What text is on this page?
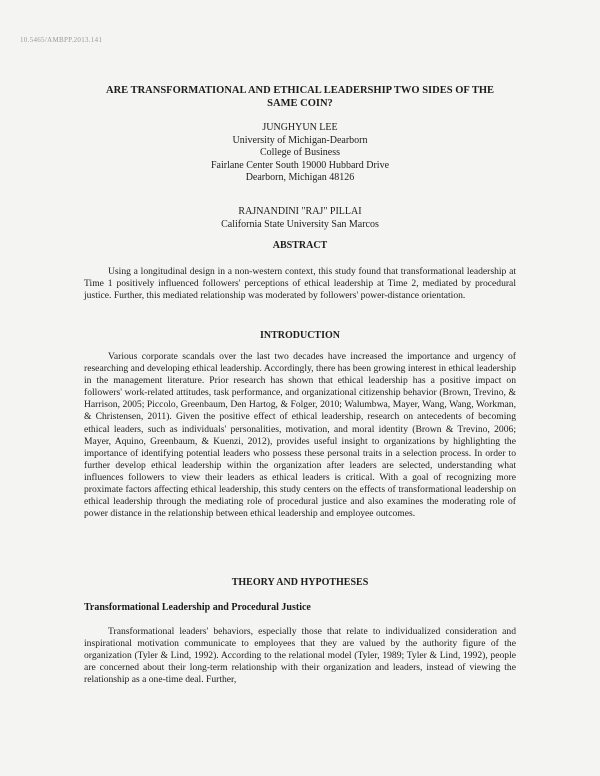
10.5465/AMBPP.2013.141
ARE TRANSFORMATIONAL AND ETHICAL LEADERSHIP TWO SIDES OF THE SAME COIN?
JUNGHYUN LEE
University of Michigan-Dearborn
College of Business
Fairlane Center South 19000 Hubbard Drive
Dearborn, Michigan 48126
RAJNANDINI "RAJ" PILLAI
California State University San Marcos
ABSTRACT

Using a longitudinal design in a non-western context, this study found that transformational leadership at Time 1 positively influenced followers' perceptions of ethical leadership at Time 2, mediated by procedural justice. Further, this mediated relationship was moderated by followers' power-distance orientation.

INTRODUCTION

Various corporate scandals over the last two decades have increased the importance and urgency of researching and developing ethical leadership. Accordingly, there has been growing interest in ethical leadership in the management literature. Prior research has shown that ethical leadership has a positive impact on followers' work-related attitudes, task performance, and organizational citizenship behavior (Brown, Trevino, & Harrison, 2005; Piccolo, Greenbaum, Den Hartog, & Folger, 2010; Walumbwa, Mayer, Wang, Wang, Workman, & Christensen, 2011). Given the positive effect of ethical leadership, research on antecedents of becoming ethical leaders, such as individuals' personalities, motivation, and moral identity (Brown & Trevino, 2006; Mayer, Aquino, Greenbaum, & Kuenzi, 2012), provides useful insight to organizations by highlighting the importance of identifying potential leaders who possess these personal traits in a selection process. In order to further develop ethical leadership within the organization after leaders are selected, understanding what influences followers to view their leaders as ethical leaders is critical. With a goal of recognizing more proximate factors affecting ethical leadership, this study centers on the effects of transformational leadership on ethical leadership through the mediating role of procedural justice and also examines the moderating role of power distance in the relationship between ethical leadership and employee outcomes.

THEORY AND HYPOTHESES
Transformational Leadership and Procedural Justice

Transformational leaders' behaviors, especially those that relate to individualized consideration and inspirational motivation communicate to employees that they are valued by the authority figure of the organization (Tyler & Lind, 1992). According to the relational model (Tyler, 1989; Tyler & Lind, 1992), people are concerned about their long-term relationship with their organization and leaders, instead of viewing the relationship as a one-time deal. Further,
